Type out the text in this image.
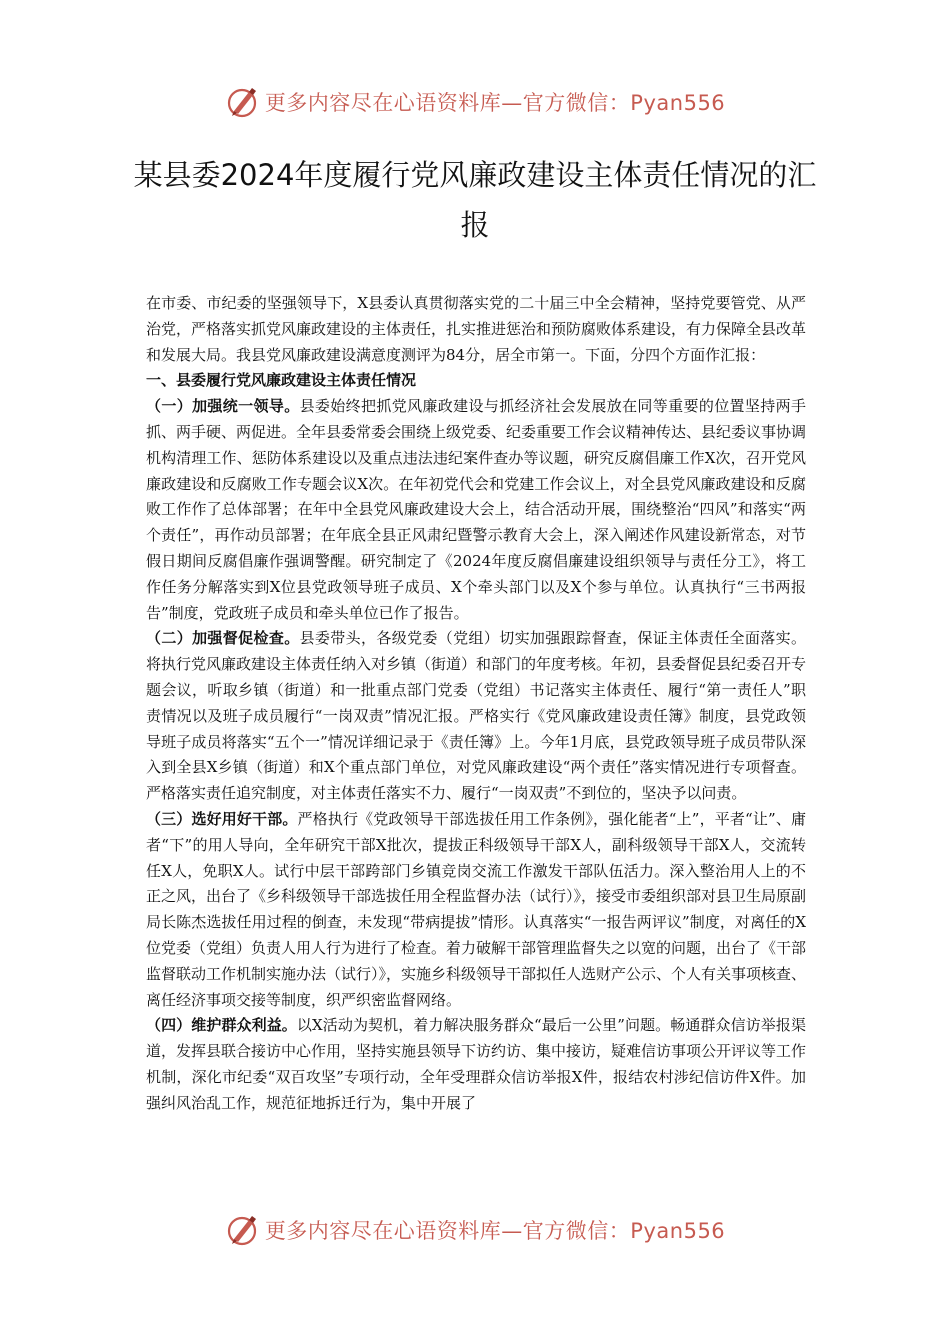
更多内容尽在心语资料库—官方微信：Pyan556
某县委2024年度履行党风廉政建设主体责任情况的汇报

在市委、市纪委的坚强领导下，X县委认真贯彻落实党的二十届三中全会精神，坚持党要管党、从严治党，严格落实抓党风廉政建设的主体责任，扎实推进惩治和预防腐败体系建设，有力保障全县改革和发展大局。我县党风廉政建设满意度测评为84分，居全市第一。下面，分四个方面作汇报：

一、县委履行党风廉政建设主体责任情况

（一）加强统一领导。县委始终把抓党风廉政建设与抓经济社会发展放在同等重要的位置坚持两手抓、两手硬、两促进。全年县委常委会围绕上级党委、纪委重要工作会议精神传达、县纪委议事协调机构清理工作、惩防体系建设以及重点违法违纪案件查办等议题，研究反腐倡廉工作X次，召开党风廉政建设和反腐败工作专题会议X次。在年初党代会和党建工作会议上，对全县党风廉政建设和反腐败工作作了总体部署；在年中全县党风廉政建设大会上，结合活动开展，围绕整治“四风”和落实“两个责任”，再作动员部署；在年底全县正风肃纪暨警示教育大会上，深入阐述作风建设新常态，对节假日期间反腐倡廉作强调警醒。研究制定了《2024年度反腐倡廉建设组织领导与责任分工》，将工作任务分解落实到X位县党政领导班子成员、X个牵头部门以及X个参与单位。认真执行“三书两报告”制度，党政班子成员和牵头单位已作了报告。

（二）加强督促检查。县委带头，各级党委（党组）切实加强跟踪督查，保证主体责任全面落实。将执行党风廉政建设主体责任纳入对乡镇（街道）和部门的年度考核。年初，县委督促县纪委召开专题会议，听取乡镇（街道）和一批重点部门党委（党组）书记落实主体责任、履行“第一责任人”职责情况以及班子成员履行“一岗双责”情况汇报。严格实行《党风廉政建设责任簿》制度，县党政领导班子成员将落实“五个一”情况详细记录于《责任簿》上。今年1月底，县党政领导班子成员带队深入到全县X乡镇（街道）和X个重点部门单位，对党风廉政建设“两个责任”落实情况进行专项督查。严格落实责任追究制度，对主体责任落实不力、履行“一岗双责”不到位的，坚决予以问责。

（三）选好用好干部。严格执行《党政领导干部选拔任用工作条例》，强化能者“上”，平者“让”、庸者“下”的用人导向，全年研究干部X批次，提拔正科级领导干部X人，副科级领导干部X人，交流转任X人，免职X人。试行中层干部跨部门乡镇竞岗交流工作激发干部队伍活力。深入整治用人上的不正之风，出台了《乡科级领导干部选拔任用全程监督办法（试行）》，接受市委组织部对县卫生局原副局长陈杰选拔任用过程的倒查，未发现“带病提拔”情形。认真落实“一报告两评议”制度，对离任的X位党委（党组）负责人用人行为进行了检查。着力破解干部管理监督失之以宽的问题，出台了《干部监督联动工作机制实施办法（试行）》，实施乡科级领导干部拟任人选财产公示、个人有关事项核查、离任经济事项交接等制度，织严织密监督网络。

（四）维护群众利益。以X活动为契机，着力解决服务群众“最后一公里”问题。畅通群众信访举报渠道，发挥县联合接访中心作用，坚持实施县领导下访约访、集中接访，疑难信访事项公开评议等工作机制，深化市纪委“双百攻坚”专项行动，全年受理群众信访举报X件，报结农村涉纪信访件X件。加强纠风治乱工作，规范征地拆迁行为，集中开展了

更多内容尽在心语资料库—官方微信：Pyan556
